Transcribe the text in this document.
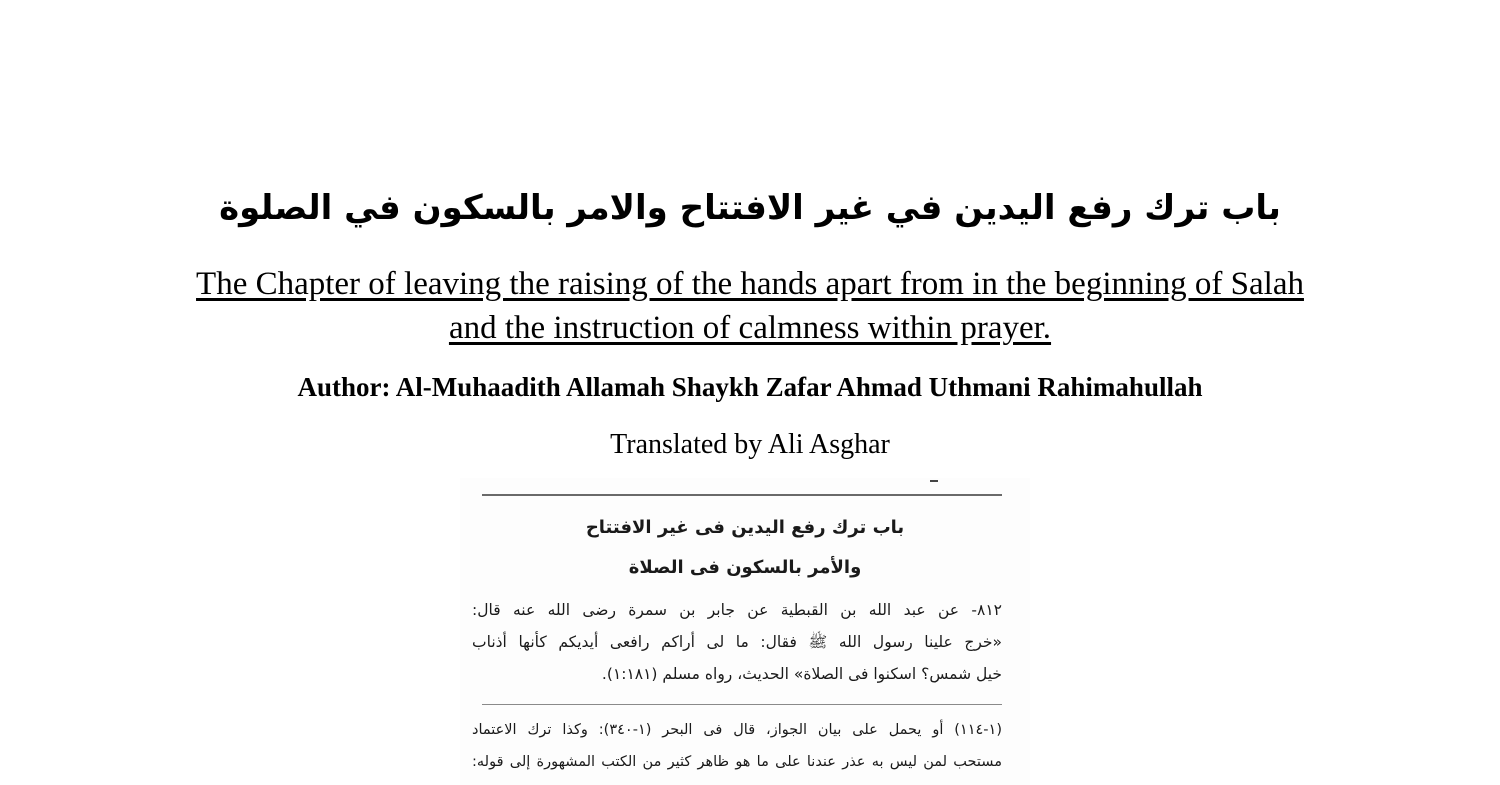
باب ترك رفع اليدين في غير الافتتاح والامر بالسكون في الصلوة

The Chapter of leaving the raising of the hands apart from in the beginning of Salah and the instruction of calmness within prayer.

Author: Al-Muhaadith Allamah Shaykh Zafar Ahmad Uthmani Rahimahullah

Translated by Ali Asghar

باب ترك رفع اليدين فى غير الافتتاح
والأمر بالسكون فى الصلاة
٨١٢- عن عبد الله بن القبطية عن جابر بن سمرة رضى الله عنه قال:
«خرج علينا رسول الله ﷺ فقال: ما لى أراكم رافعى أيديكم كأنها أذناب
خيل شمس؟ اسكنوا فى الصلاة» الحديث، رواه مسلم (١:١٨١).
(١-١١٤) أو يحمل على بيان الجواز، قال فى البحر (١-٣٤٠): وكذا ترك الاعتماد
مستحب لمن ليس به عذر عندنا على ما هو ظاهر كثير من الكتب المشهورة إلى قوله:
